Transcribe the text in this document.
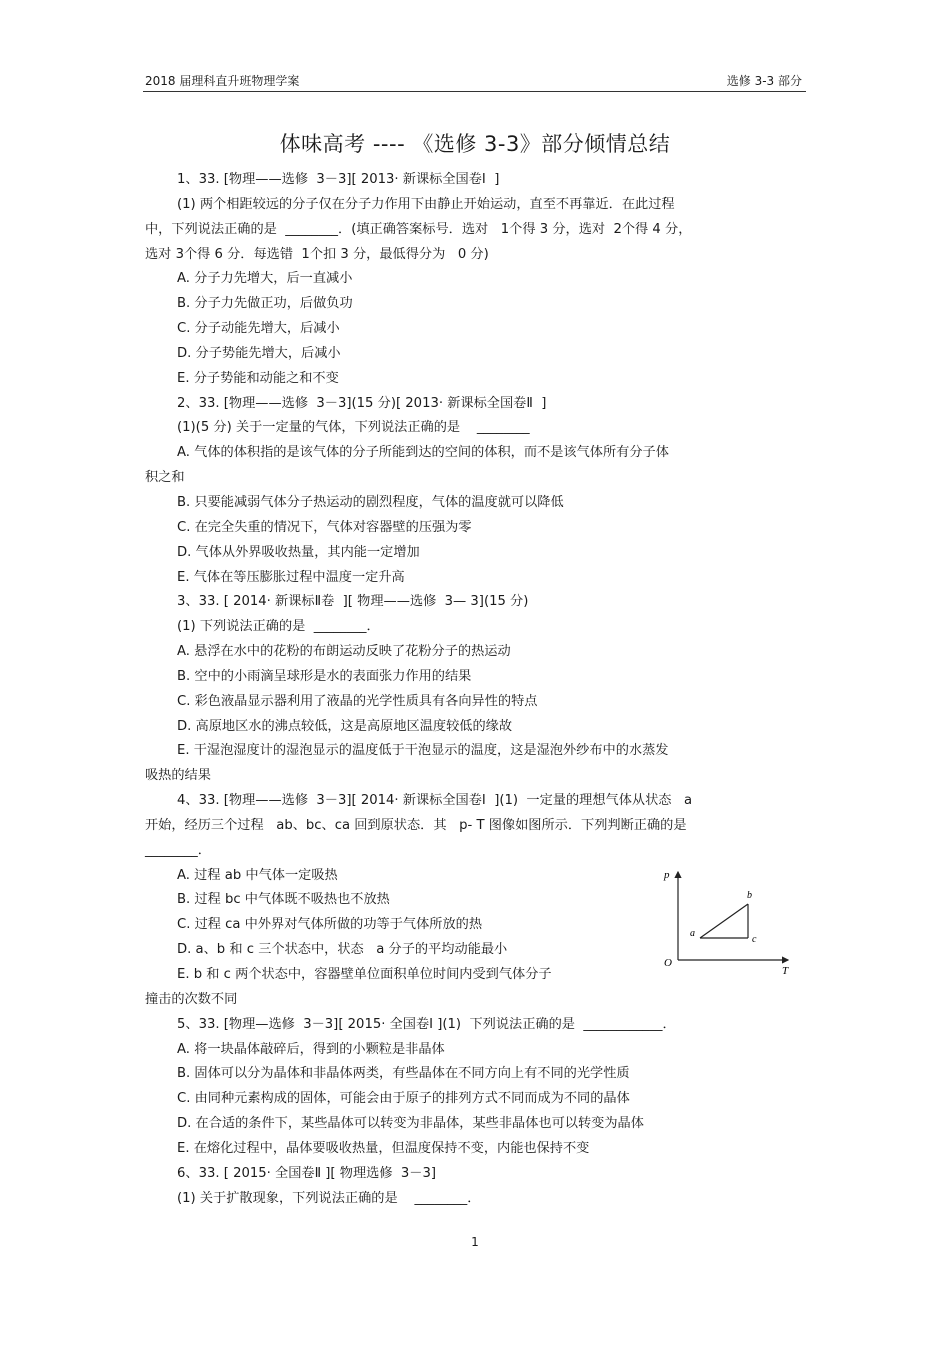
2018 届理科直升班物理学案	选修 3-3 部分
体味高考 ---- 《选修 3-3》部分倾情总结
1、33. [物理——选修  3－3][ 2013· 新课标全国卷Ⅰ  ]
(1) 两个相距较远的分子仅在分子力作用下由静止开始运动，直至不再靠近．在此过程
中，下列说法正确的是  ________．(填正确答案标号．选对   1个得 3 分，选对  2个得 4 分，
选对 3个得 6 分．每选错  1个扣 3 分，最低得分为   0 分)
A. 分子力先增大，后一直减小
B. 分子力先做正功，后做负功
C. 分子动能先增大，后减小
D. 分子势能先增大，后减小
E. 分子势能和动能之和不变
2、33. [物理——选修  3－3](15 分)[ 2013· 新课标全国卷Ⅱ  ]
(1)(5 分) 关于一定量的气体，下列说法正确的是    ________
A. 气体的体积指的是该气体的分子所能到达的空间的体积，而不是该气体所有分子体
积之和
B. 只要能减弱气体分子热运动的剧烈程度，气体的温度就可以降低
C. 在完全失重的情况下，气体对容器壁的压强为零
D. 气体从外界吸收热量，其内能一定增加
E. 气体在等压膨胀过程中温度一定升高
3、33. [ 2014· 新课标Ⅱ卷  ][ 物理——选修  3— 3](15 分)
(1) 下列说法正确的是  ________．
A. 悬浮在水中的花粉的布朗运动反映了花粉分子的热运动
B. 空中的小雨滴呈球形是水的表面张力作用的结果
C. 彩色液晶显示器利用了液晶的光学性质具有各向异性的特点
D. 高原地区水的沸点较低，这是高原地区温度较低的缘故
E. 干湿泡湿度计的湿泡显示的温度低于干泡显示的温度，这是湿泡外纱布中的水蒸发
吸热的结果
4、33. [物理——选修  3－3][ 2014· 新课标全国卷Ⅰ  ](1)  一定量的理想气体从状态   a
开始，经历三个过程   ab、bc、ca 回到原状态．其   p- T 图像如图所示．下列判断正确的是
________．
A. 过程 ab 中气体一定吸热
B. 过程 bc 中气体既不吸热也不放热
C. 过程 ca 中外界对气体所做的功等于气体所放的热
D. a、b 和 c 三个状态中，状态   a 分子的平均动能最小
E. b 和 c 两个状态中，容器壁单位面积单位时间内受到气体分子
撞击的次数不同
5、33. [物理—选修  3－3][ 2015· 全国卷Ⅰ ](1)  下列说法正确的是  ____________．
A. 将一块晶体敲碎后，得到的小颗粒是非晶体
B. 固体可以分为晶体和非晶体两类，有些晶体在不同方向上有不同的光学性质
C. 由同种元素构成的固体，可能会由于原子的排列方式不同而成为不同的晶体
D. 在合适的条件下，某些晶体可以转变为非晶体，某些非晶体也可以转变为晶体
E. 在熔化过程中，晶体要吸收热量，但温度保持不变，内能也保持不变
6、33. [ 2015· 全国卷Ⅱ ][ 物理选修  3－3]
(1) 关于扩散现象，下列说法正确的是    ________．
p
T
O
a
b
c
1
